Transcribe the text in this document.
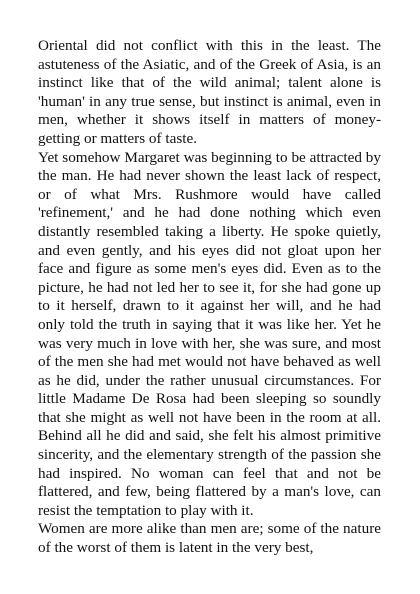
Oriental did not conflict with this in the least. The astuteness of the Asiatic, and of the Greek of Asia, is an instinct like that of the wild animal; talent alone is 'human' in any true sense, but instinct is animal, even in men, whether it shows itself in matters of money-getting or matters of taste.

Yet somehow Margaret was beginning to be attracted by the man. He had never shown the least lack of respect, or of what Mrs. Rushmore would have called 'refinement,' and he had done nothing which even distantly resembled taking a liberty. He spoke quietly, and even gently, and his eyes did not gloat upon her face and figure as some men's eyes did. Even as to the picture, he had not led her to see it, for she had gone up to it herself, drawn to it against her will, and he had only told the truth in saying that it was like her. Yet he was very much in love with her, she was sure, and most of the men she had met would not have behaved as well as he did, under the rather unusual circumstances. For little Madame De Rosa had been sleeping so soundly that she might as well not have been in the room at all. Behind all he did and said, she felt his almost primitive sincerity, and the elementary strength of the passion she had inspired. No woman can feel that and not be flattered, and few, being flattered by a man's love, can resist the temptation to play with it.

Women are more alike than men are; some of the nature of the worst of them is latent in the very best,
